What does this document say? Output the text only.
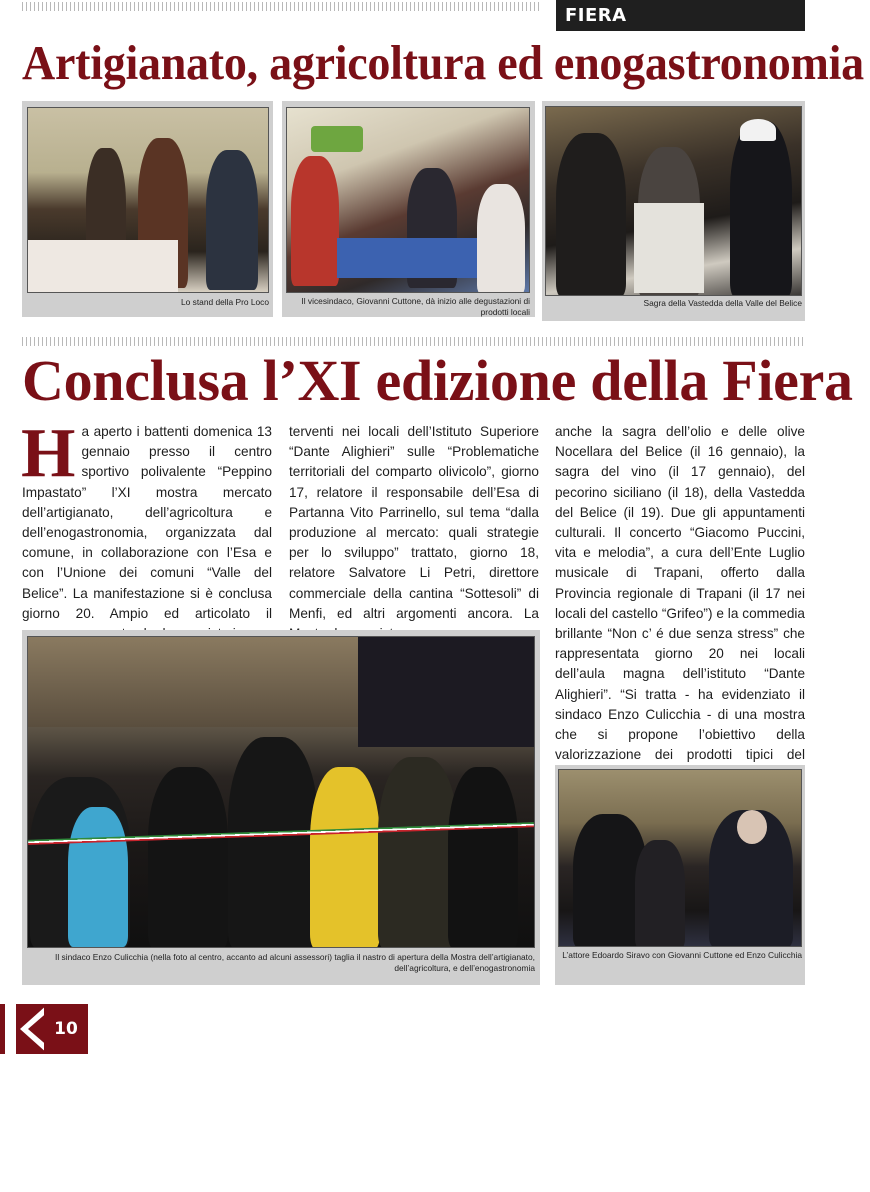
FIERA
Artigianato, agricoltura ed enogastronomia
Lo stand della Pro Loco	Il vicesindaco, Giovanni Cuttone, dà inizio alle degustazioni di prodotti locali
Sagra della Vastedda della Valle del Belice
Conclusa l’XI edizione della Fiera
Ha aperto i battenti domenica 13 gennaio presso il centro sportivo polivalente “Peppino Impastato” l’XI mostra mercato dell’artigianato, dell’agricoltura e dell’enogastronomia, organizzata dal comune, in collaborazione con l’Esa e con l’Unione dei comuni “Valle del Belice”. La manifestazione si è conclusa giorno 20. Ampio ed articolato il
terventi nei locali dell’Istituto Superiore “Dante Alighieri” sulle “Problematiche territoriali del comparto olivicolo”, giorno 17, relatore il responsabile dell’Esa di Partanna Vito Parrinello, sul tema “dalla produzione al mercato: quali strategie per lo sviluppo” trattato, giorno 18, relatore Salvatore Li Petri, direttore commerciale della cantina “Sottesoli” di Menfi, ed altri argomenti ancora. La
anche la sagra dell’olio e delle olive Nocellara del Belice (il 16 gennaio), la sagra del vino (il 17 gennaio), del pecorino siciliano (il 18), della Vastedda del Belice (il 19). Due gli appuntamenti culturali. Il concerto “Giacomo Puccini, vita e melodia”, a cura dell’Ente Luglio musicale di Trapani, offerto dalla Provincia regionale di Trapani (il 17 nei locali del castello “Grifeo”) e la commedia brillante “Non c’ é due senza stress” che rappresentata giorno 20 nei locali dell’aula magna dell’istituto “Dante Alighieri”. “Si tratta - ha evidenziato il sindaco Enzo Culicchia - di una mostra che si propone l’obiettivo della valorizzazione dei prodotti tipici del
Il sindaco Enzo Culicchia (nella foto al centro, accanto ad alcuni assessori) taglia il nastro di apertura della Mostra dell’artigianato, dell’agricoltura, e dell’enogastronomia
L’attore Edoardo Siravo con Giovanni Cuttone ed Enzo Culicchia
10
